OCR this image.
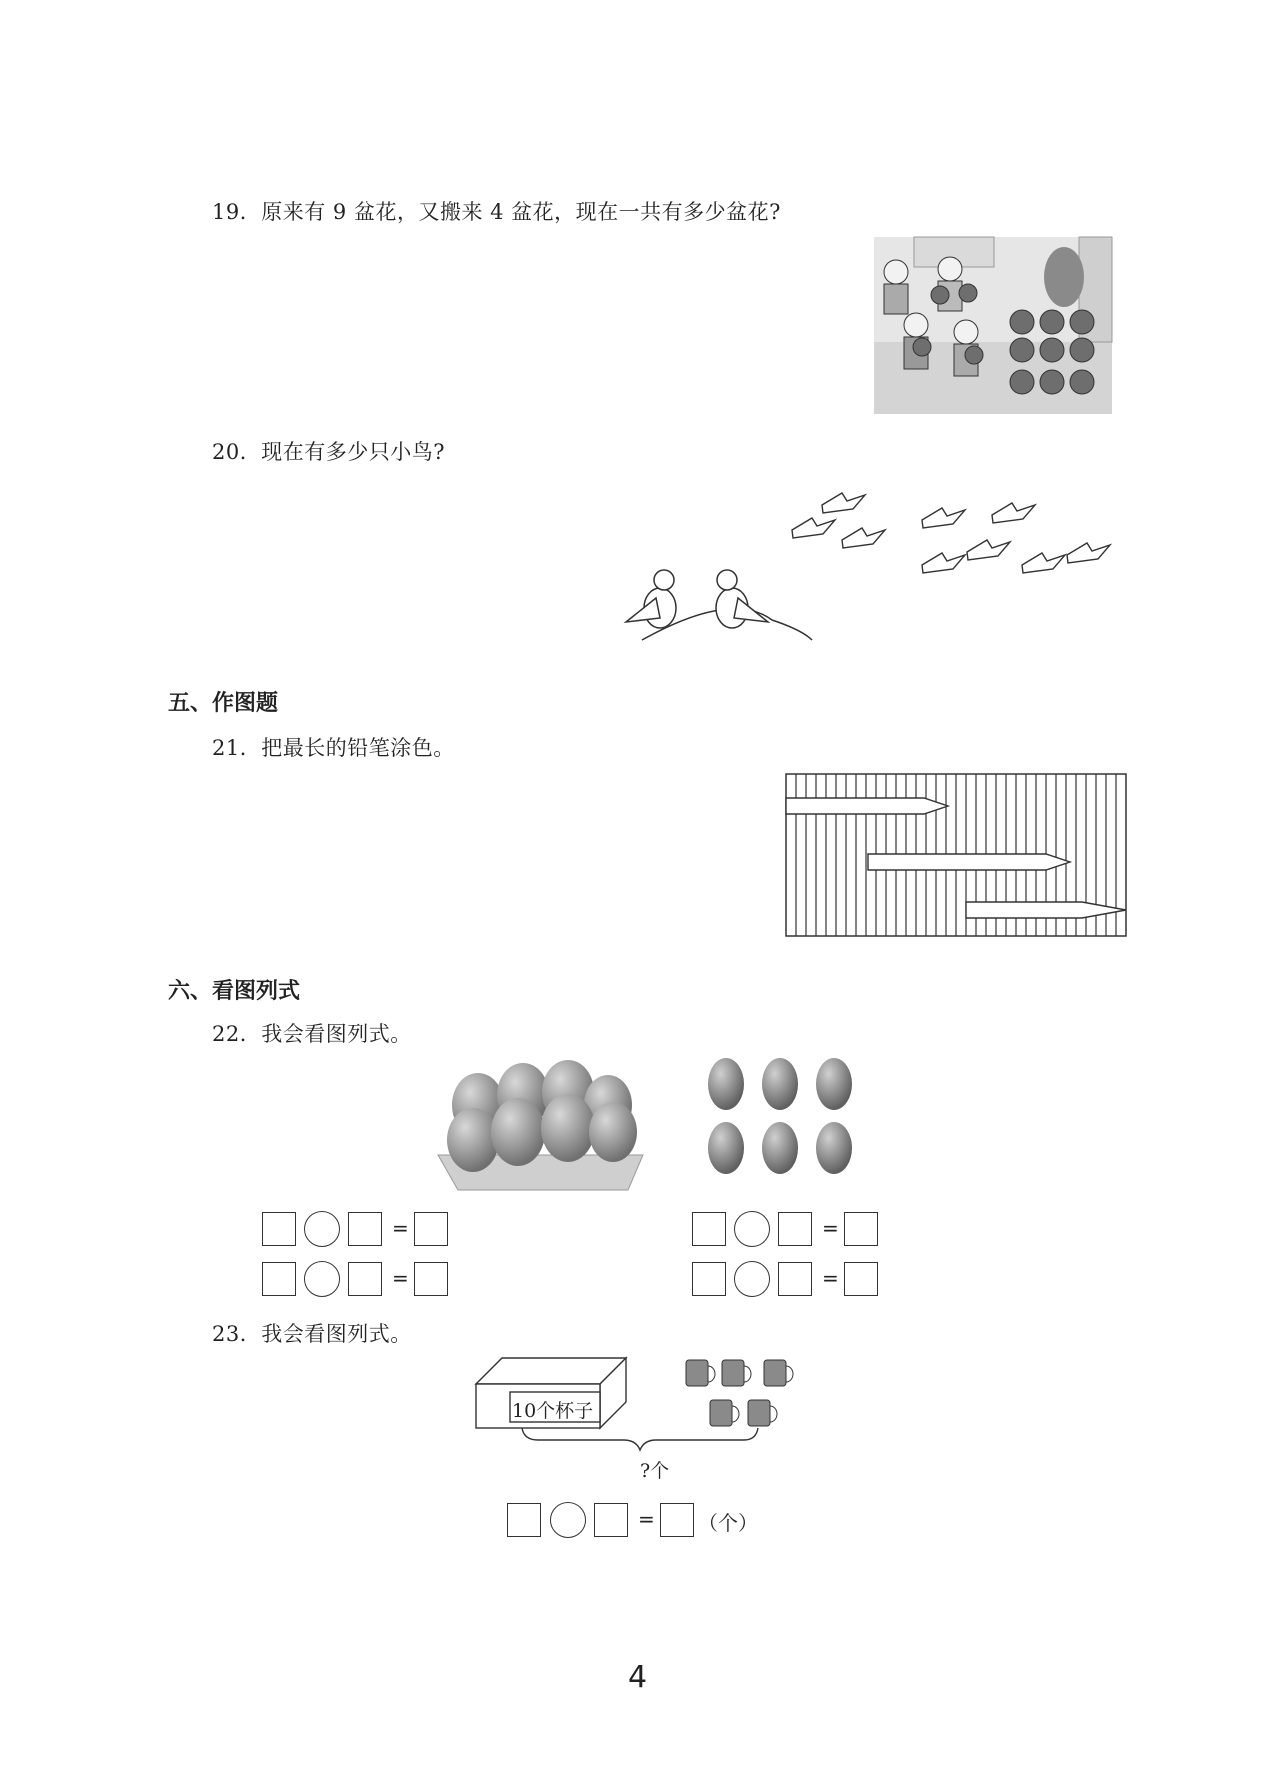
19．原来有 9 盆花，又搬来 4 盆花，现在一共有多少盆花?
20．现在有多少只小鸟?
五、作图题
21．把最长的铅笔涂色。
六、看图列式
22．我会看图列式。
=
=
=
=
23．我会看图列式。
10个杯子
?个
= （个）
4
